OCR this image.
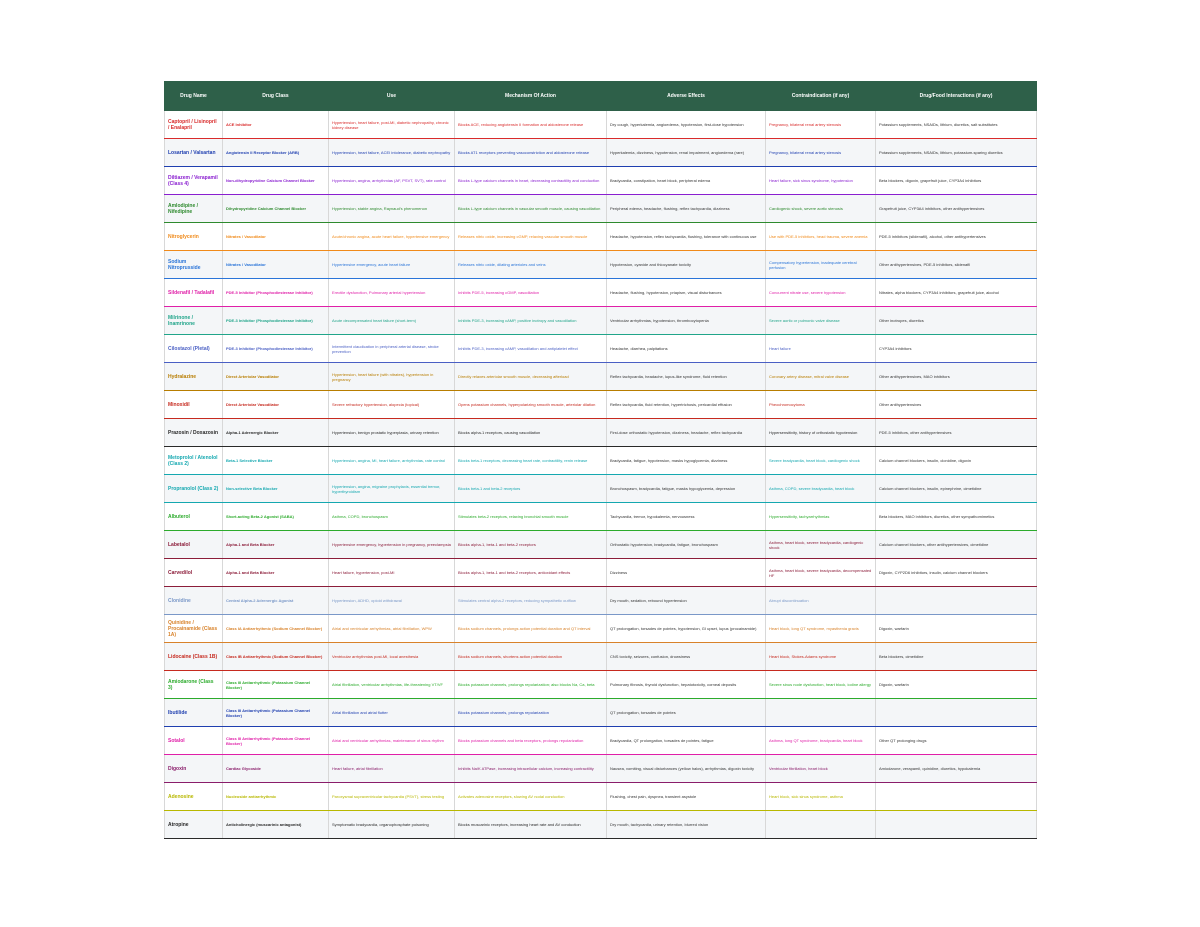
Drug Name	Drug Class	Use	Mechanism Of Action	Adverse Effects	Contraindication (if any)	Drug/Food Interactions (if any)
Captopril / Lisinopril / Enalapril	ACE Inhibitor	Hypertension, heart failure, post-MI, diabetic nephropathy, chronic kidney disease	Blocks ACE, reducing angiotensin II formation and aldosterone release	Dry cough, hyperkalemia, angioedema, hypotension, first-dose hypotension	Pregnancy, bilateral renal artery stenosis	Potassium supplements, NSAIDs, lithium, diuretics, salt substitutes
Losartan / Valsartan	Angiotensin II Receptor Blocker (ARB)	Hypertension, heart failure, ACEI intolerance, diabetic nephropathy	Blocks AT1 receptors preventing vasoconstriction and aldosterone release	Hyperkalemia, dizziness, hypotension, renal impairment, angioedema (rare)	Pregnancy, bilateral renal artery stenosis	Potassium supplements, NSAIDs, lithium, potassium-sparing diuretics
Diltiazem / Verapamil (Class 4)	Non-dihydropyridine Calcium Channel Blocker	Hypertension, angina, arrhythmias (AF, PSVT, SVT), rate control	Blocks L-type calcium channels in heart, decreasing contractility and conduction	Bradycardia, constipation, heart block, peripheral edema	Heart failure, sick sinus syndrome, hypotension	Beta blockers, digoxin, grapefruit juice, CYP3A4 inhibitors
Amlodipine / Nifedipine	Dihydropyridine Calcium Channel Blocker	Hypertension, stable angina, Raynaud's phenomenon	Blocks L-type calcium channels in vascular smooth muscle, causing vasodilation	Peripheral edema, headache, flushing, reflex tachycardia, dizziness	Cardiogenic shock, severe aortic stenosis	Grapefruit juice, CYP3A4 inhibitors, other antihypertensives
Nitroglycerin	Nitrates / Vasodilator	Acute/chronic angina, acute heart failure, hypertensive emergency	Releases nitric oxide, increasing cGMP, relaxing vascular smooth muscle	Headache, hypotension, reflex tachycardia, flushing, tolerance with continuous use	Use with PDE-5 inhibitors, head trauma, severe anemia	PDE-5 inhibitors (sildenafil), alcohol, other antihypertensives
Sodium Nitroprusside	Nitrates / Vasodilator	Hypertensive emergency, acute heart failure	Releases nitric oxide, dilating arterioles and veins	Hypotension, cyanide and thiocyanate toxicity	Compensatory hypertension, inadequate cerebral perfusion	Other antihypertensives, PDE-5 inhibitors, sildenafil
Sildenafil / Tadalafil	PDE-5 Inhibitor (Phosphodiesterase Inhibitor)	Erectile dysfunction, Pulmonary arterial hypertension	Inhibits PDE-5, increasing cGMP, vasodilation	Headache, flushing, hypotension, priapism, visual disturbances	Concurrent nitrate use, severe hypotension	Nitrates, alpha blockers, CYP3A4 inhibitors, grapefruit juice, alcohol
Milrinone / Inamrinone	PDE-3 Inhibitor (Phosphodiesterase Inhibitor)	Acute decompensated heart failure (short-term)	Inhibits PDE-3, increasing cAMP, positive inotropy and vasodilation	Ventricular arrhythmias, hypotension, thrombocytopenia	Severe aortic or pulmonic valve disease	Other inotropes, diuretics
Cilostazol (Pletal)	PDE-3 Inhibitor (Phosphodiesterase Inhibitor)	Intermittent claudication in peripheral arterial disease, stroke prevention	Inhibits PDE-3, increasing cAMP, vasodilation and antiplatelet effect	Headache, diarrhea, palpitations	Heart failure	CYP3A4 inhibitors
Hydralazine	Direct Arteriolar Vasodilator	Hypertension, heart failure (with nitrates), hypertension in pregnancy	Directly relaxes arteriolar smooth muscle, decreasing afterload	Reflex tachycardia, headache, lupus-like syndrome, fluid retention	Coronary artery disease, mitral valve disease	Other antihypertensives, MAO inhibitors
Minoxidil	Direct Arteriolar Vasodilator	Severe refractory hypertension, alopecia (topical)	Opens potassium channels, hyperpolarizing smooth muscle, arteriolar dilation	Reflex tachycardia, fluid retention, hypertrichosis, pericardial effusion	Pheochromocytoma	Other antihypertensives
Prazosin / Doxazosin	Alpha-1 Adrenergic Blocker	Hypertension, benign prostatic hyperplasia, urinary retention	Blocks alpha-1 receptors, causing vasodilation	First-dose orthostatic hypotension, dizziness, headache, reflex tachycardia	Hypersensitivity, history of orthostatic hypotension	PDE-5 inhibitors, other antihypertensives
Metoprolol / Atenolol (Class 2)	Beta-1 Selective Blocker	Hypertension, angina, MI, heart failure, arrhythmias, rate control	Blocks beta-1 receptors, decreasing heart rate, contractility, renin release	Bradycardia, fatigue, hypotension, masks hypoglycemia, dizziness	Severe bradycardia, heart block, cardiogenic shock	Calcium channel blockers, insulin, clonidine, digoxin
Propranolol (Class 2)	Non-selective Beta Blocker	Hypertension, angina, migraine prophylaxis, essential tremor, hyperthyroidism	Blocks beta-1 and beta-2 receptors	Bronchospasm, bradycardia, fatigue, masks hypoglycemia, depression	Asthma, COPD, severe bradycardia, heart block	Calcium channel blockers, insulin, epinephrine, cimetidine
Albuterol	Short-acting Beta-2 Agonist (SABA)	Asthma, COPD, bronchospasm	Stimulates beta-2 receptors, relaxing bronchial smooth muscle	Tachycardia, tremor, hypokalemia, nervousness	Hypersensitivity, tachyarrhythmias	Beta blockers, MAO inhibitors, diuretics, other sympathomimetics
Labetalol	Alpha-1 and Beta Blocker	Hypertensive emergency, hypertension in pregnancy, preeclampsia	Blocks alpha-1, beta-1 and beta-2 receptors	Orthostatic hypotension, bradycardia, fatigue, bronchospasm	Asthma, heart block, severe bradycardia, cardiogenic shock	Calcium channel blockers, other antihypertensives, cimetidine
Carvedilol	Alpha-1 and Beta Blocker	Heart failure, hypertension, post-MI	Blocks alpha-1, beta-1 and beta-2 receptors, antioxidant effects	Dizziness	Asthma, heart block, severe bradycardia, decompensated HF	Digoxin, CYP2D6 inhibitors, insulin, calcium channel blockers
Clonidine	Central Alpha-2 Adrenergic Agonist	Hypertension, ADHD, opioid withdrawal	Stimulates central alpha-2 receptors, reducing sympathetic outflow	Dry mouth, sedation, rebound hypertension	Abrupt discontinuation	
Quinidine / Procainamide (Class 1A)	Class IA Antiarrhythmic (Sodium Channel Blocker)	Atrial and ventricular arrhythmias, atrial fibrillation, WPW	Blocks sodium channels, prolongs action potential duration and QT interval	QT prolongation, torsades de pointes, hypotension, GI upset, lupus (procainamide)	Heart block, long QT syndrome, myasthenia gravis	Digoxin, warfarin
Lidocaine (Class 1B)	Class IB Antiarrhythmic (Sodium Channel Blocker)	Ventricular arrhythmias post-MI, local anesthesia	Blocks sodium channels, shortens action potential duration	CNS toxicity, seizures, confusion, drowsiness	Heart block, Stokes-Adams syndrome	Beta blockers, cimetidine
Amiodarone (Class 3)	Class III Antiarrhythmic (Potassium Channel Blocker)	Atrial fibrillation, ventricular arrhythmias, life-threatening VT/VF	Blocks potassium channels, prolongs repolarization; also blocks Na, Ca, beta	Pulmonary fibrosis, thyroid dysfunction, hepatotoxicity, corneal deposits	Severe sinus node dysfunction, heart block, iodine allergy	Digoxin, warfarin
Ibutilide	Class III Antiarrhythmic (Potassium Channel Blocker)	Atrial fibrillation and atrial flutter	Blocks potassium channels, prolongs repolarization	QT prolongation, torsades de pointes		
Sotalol	Class III Antiarrhythmic (Potassium Channel Blocker)	Atrial and ventricular arrhythmias, maintenance of sinus rhythm	Blocks potassium channels and beta receptors, prolongs repolarization	Bradycardia, QT prolongation, torsades de pointes, fatigue	Asthma, long QT syndrome, bradycardia, heart block	Other QT prolonging drugs
Digoxin	Cardiac Glycoside	Heart failure, atrial fibrillation	Inhibits Na/K ATPase, increasing intracellular calcium, increasing contractility	Nausea, vomiting, visual disturbances (yellow halos), arrhythmias, digoxin toxicity	Ventricular fibrillation, heart block	Amiodarone, verapamil, quinidine, diuretics, hypokalemia
Adenosine	Nucleoside antiarrhythmic	Paroxysmal supraventricular tachycardia (PSVT), stress testing	Activates adenosine receptors, slowing AV nodal conduction	Flushing, chest pain, dyspnea, transient asystole	Heart block, sick sinus syndrome, asthma	
Atropine	Anticholinergic (muscarinic antagonist)	Symptomatic bradycardia, organophosphate poisoning	Blocks muscarinic receptors, increasing heart rate and AV conduction	Dry mouth, tachycardia, urinary retention, blurred vision		
